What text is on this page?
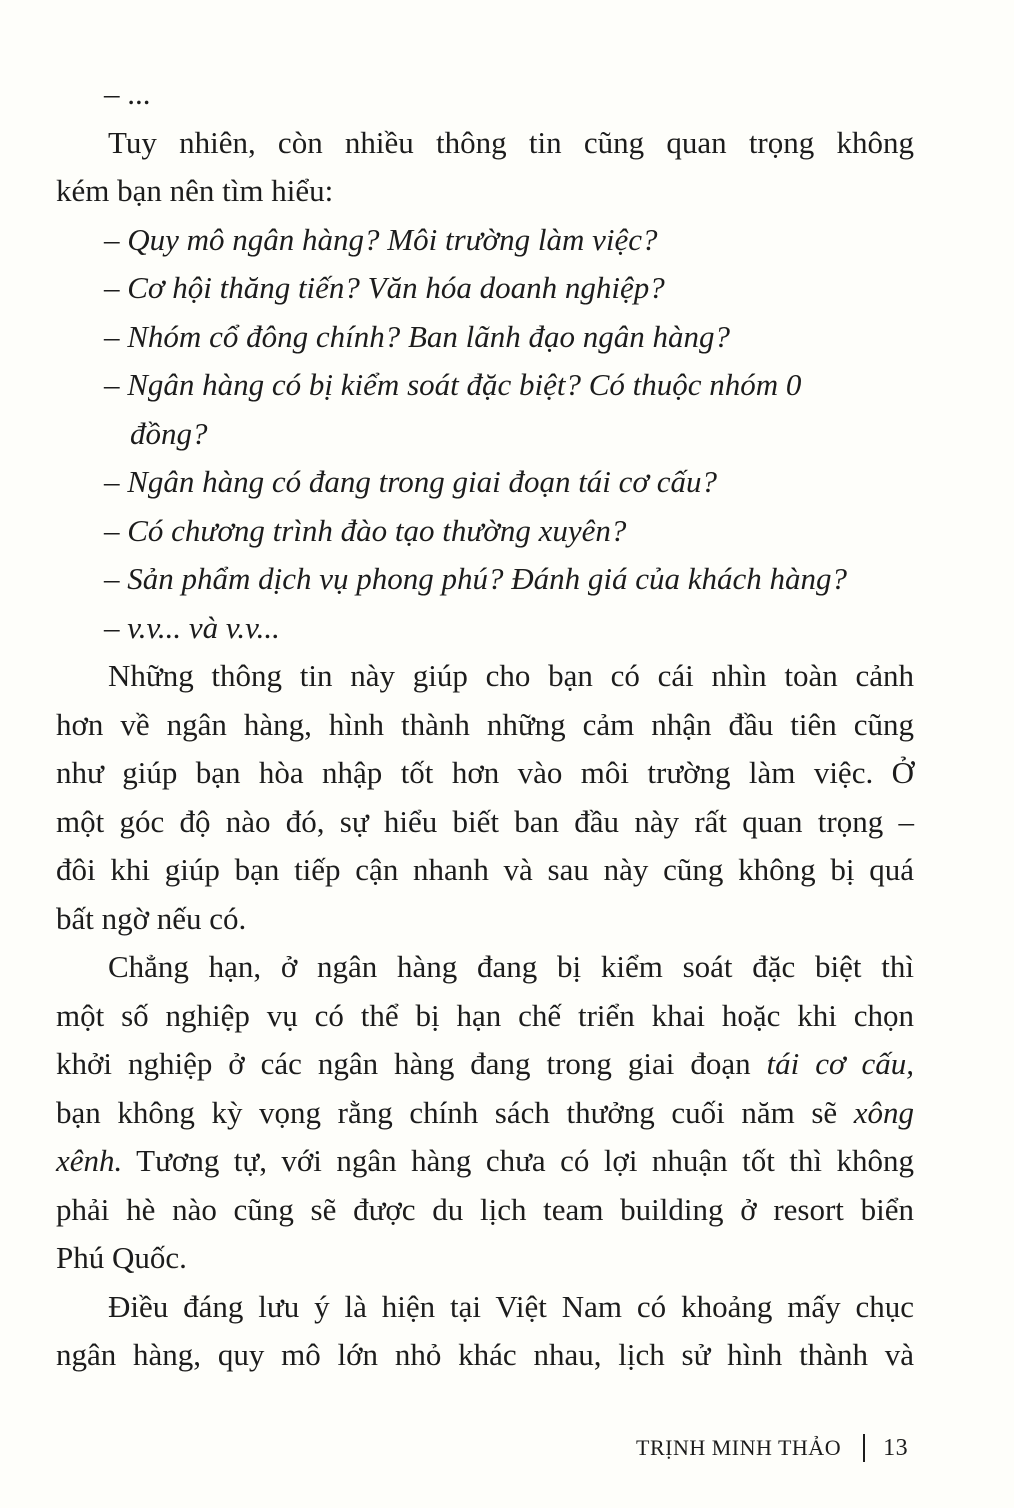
– ...
Tuy nhiên, còn nhiều thông tin cũng quan trọng không
kém bạn nên tìm hiểu:
– Quy mô ngân hàng? Môi trường làm việc?
– Cơ hội thăng tiến? Văn hóa doanh nghiệp?
– Nhóm cổ đông chính? Ban lãnh đạo ngân hàng?
– Ngân hàng có bị kiểm soát đặc biệt? Có thuộc nhóm 0
đồng?
– Ngân hàng có đang trong giai đoạn tái cơ cấu?
– Có chương trình đào tạo thường xuyên?
– Sản phẩm dịch vụ phong phú? Đánh giá của khách hàng?
– v.v... và v.v...
Những thông tin này giúp cho bạn có cái nhìn toàn cảnh
hơn về ngân hàng, hình thành những cảm nhận đầu tiên cũng
như giúp bạn hòa nhập tốt hơn vào môi trường làm việc. Ở
một góc độ nào đó, sự hiểu biết ban đầu này rất quan trọng –
đôi khi giúp bạn tiếp cận nhanh và sau này cũng không bị quá
bất ngờ nếu có.
Chẳng hạn, ở ngân hàng đang bị kiểm soát đặc biệt thì
một số nghiệp vụ có thể bị hạn chế triển khai hoặc khi chọn
khởi nghiệp ở các ngân hàng đang trong giai đoạn tái cơ cấu,
bạn không kỳ vọng rằng chính sách thưởng cuối năm sẽ xông
xênh. Tương tự, với ngân hàng chưa có lợi nhuận tốt thì không
phải hè nào cũng sẽ được du lịch team building ở resort biển
Phú Quốc.
Điều đáng lưu ý là hiện tại Việt Nam có khoảng mấy chục
ngân hàng, quy mô lớn nhỏ khác nhau, lịch sử hình thành và
TRỊNH MINH THẢO 13
